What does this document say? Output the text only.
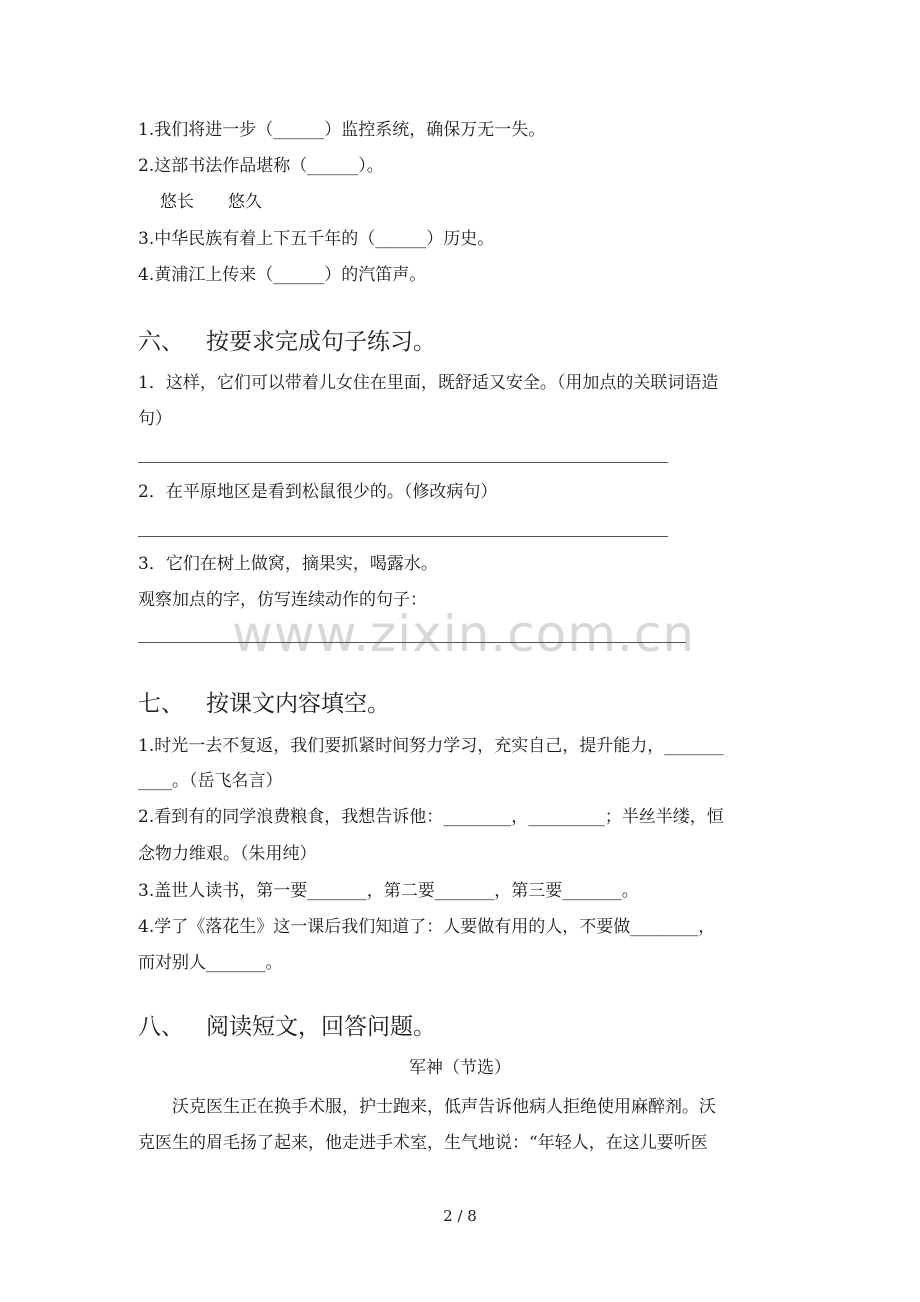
1.我们将进一步（______）监控系统，确保万无一失。
2.这部书法作品堪称（______）。
悠长　　悠久
3.中华民族有着上下五千年的（______）历史。
4.黄浦江上传来（______）的汽笛声。
六、 按要求完成句子练习。
1．这样，它们可以带着儿女住在里面，既舒适又安全。（用加点的关联词语造
句）
2．在平原地区是看到松鼠很少的。（修改病句）
3．它们在树上做窝，摘果实，喝露水。
观察加点的字，仿写连续动作的句子：
www.zixin.com.cn
七、 按课文内容填空。
1.时光一去不复返，我们要抓紧时间努力学习，充实自己，提升能力，_______
____。（岳飞名言）
2.看到有的同学浪费粮食，我想告诉他：________，_________；半丝半缕，恒
念物力维艰。（朱用纯）
3.盖世人读书，第一要_______，第二要_______，第三要_______。
4.学了《落花生》这一课后我们知道了：人要做有用的人，不要做________，
而对别人_______。
八、 阅读短文，回答问题。
军神（节选）
沃克医生正在换手术服，护士跑来，低声告诉他病人拒绝使用麻醉剂。沃
克医生的眉毛扬了起来，他走进手术室，生气地说：“年轻人，在这儿要听医
2 / 8
